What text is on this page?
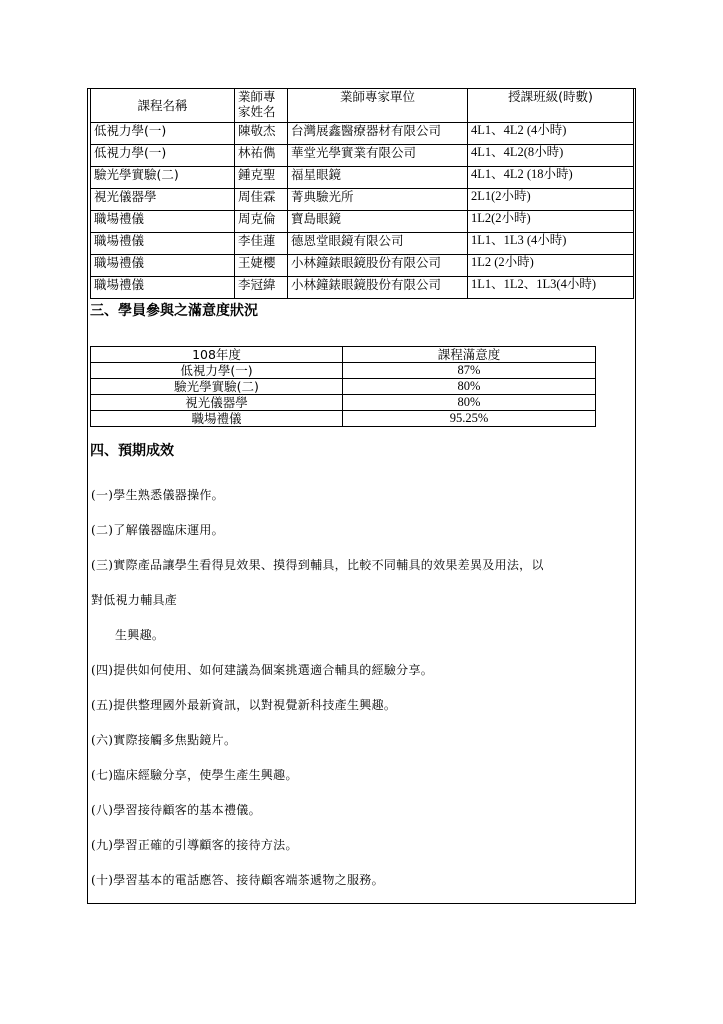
課程名稱	業師專家姓名	業師專家單位	授課班級(時數)
低視力學(一)	陳敬杰	台灣展鑫醫療器材有限公司	4L1、4L2 (4小時)
低視力學(一)	林祐儁	華堂光學實業有限公司	4L1、4L2(8小時)
驗光學實驗(二)	鍾克聖	福星眼鏡	4L1、4L2 (18小時)
視光儀器學	周佳霖	菁典驗光所	2L1(2小時)
職場禮儀	周克倫	寶島眼鏡	1L2(2小時)
職場禮儀	李佳蓮	德恩堂眼鏡有限公司	1L1、1L3 (4小時)
職場禮儀	王婕櫻	小林鐘錶眼鏡股份有限公司	1L2 (2小時)
職場禮儀	李冠緯	小林鐘錶眼鏡股份有限公司	1L1、1L2、1L3(4小時)
三、學員參與之滿意度狀況
108年度	課程滿意度
低視力學(一)	87%
驗光學實驗(二)	80%
視光儀器學	80%
職場禮儀	95.25%
四、預期成效
(一)學生熟悉儀器操作。
(二)了解儀器臨床運用。
(三)實際產品讓學生看得見效果、摸得到輔具，比較不同輔具的效果差異及用法，以
對低視力輔具產
生興趣。
(四)提供如何使用、如何建議為個案挑選適合輔具的經驗分享。
(五)提供整理國外最新資訊，以對視覺新科技產生興趣。
(六)實際接觸多焦點鏡片。
(七)臨床經驗分享，使學生產生興趣。
(八)學習接待顧客的基本禮儀。
(九)學習正確的引導顧客的接待方法。
(十)學習基本的電話應答、接待顧客端茶遞物之服務。
